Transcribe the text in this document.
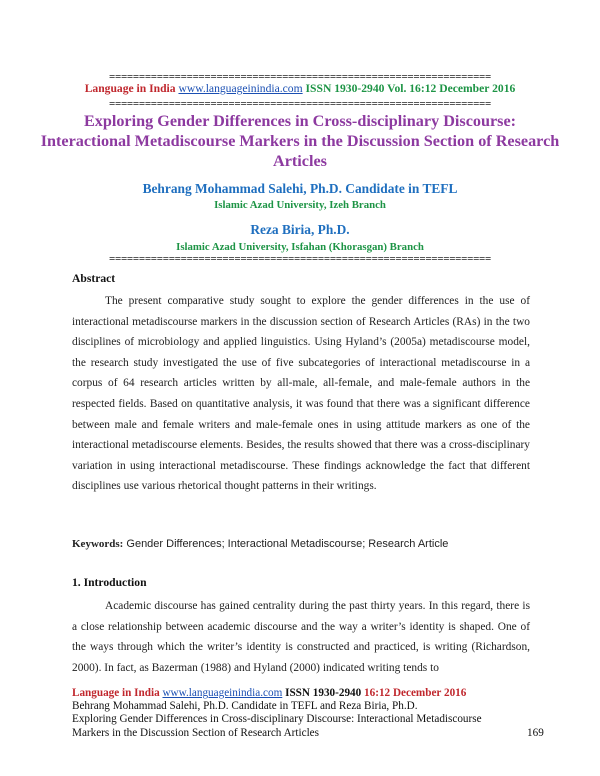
================================================================
Language in India www.languageinindia.com ISSN 1930-2940 Vol. 16:12 December 2016
================================================================
Exploring Gender Differences in Cross-disciplinary Discourse: Interactional Metadiscourse Markers in the Discussion Section of Research Articles
Behrang Mohammad Salehi, Ph.D. Candidate in TEFL
Islamic Azad University, Izeh Branch
Reza Biria, Ph.D.
Islamic Azad University, Isfahan (Khorasgan) Branch
================================================================
Abstract
The present comparative study sought to explore the gender differences in the use of interactional metadiscourse markers in the discussion section of Research Articles (RAs) in the two disciplines of microbiology and applied linguistics. Using Hyland’s (2005a) metadiscourse model, the research study investigated the use of five subcategories of interactional metadiscourse in a corpus of 64 research articles written by all-male, all-female, and male-female authors in the respected fields. Based on quantitative analysis, it was found that there was a significant difference between male and female writers and male-female ones in using attitude markers as one of the interactional metadiscourse elements. Besides, the results showed that there was a cross-disciplinary variation in using interactional metadiscourse. These findings acknowledge the fact that different disciplines use various rhetorical thought patterns in their writings.
Keywords: Gender Differences; Interactional Metadiscourse; Research Article
1. Introduction
Academic discourse has gained centrality during the past thirty years. In this regard, there is a close relationship between academic discourse and the way a writer’s identity is shaped. One of the ways through which the writer’s identity is constructed and practiced, is writing (Richardson, 2000). In fact, as Bazerman (1988) and Hyland (2000) indicated writing tends to
Language in India www.languageinindia.com ISSN 1930-2940 16:12 December 2016
Behrang Mohammad Salehi, Ph.D. Candidate in TEFL and Reza Biria, Ph.D.
Exploring Gender Differences in Cross-disciplinary Discourse: Interactional Metadiscourse
Markers in the Discussion Section of Research Articles	169
